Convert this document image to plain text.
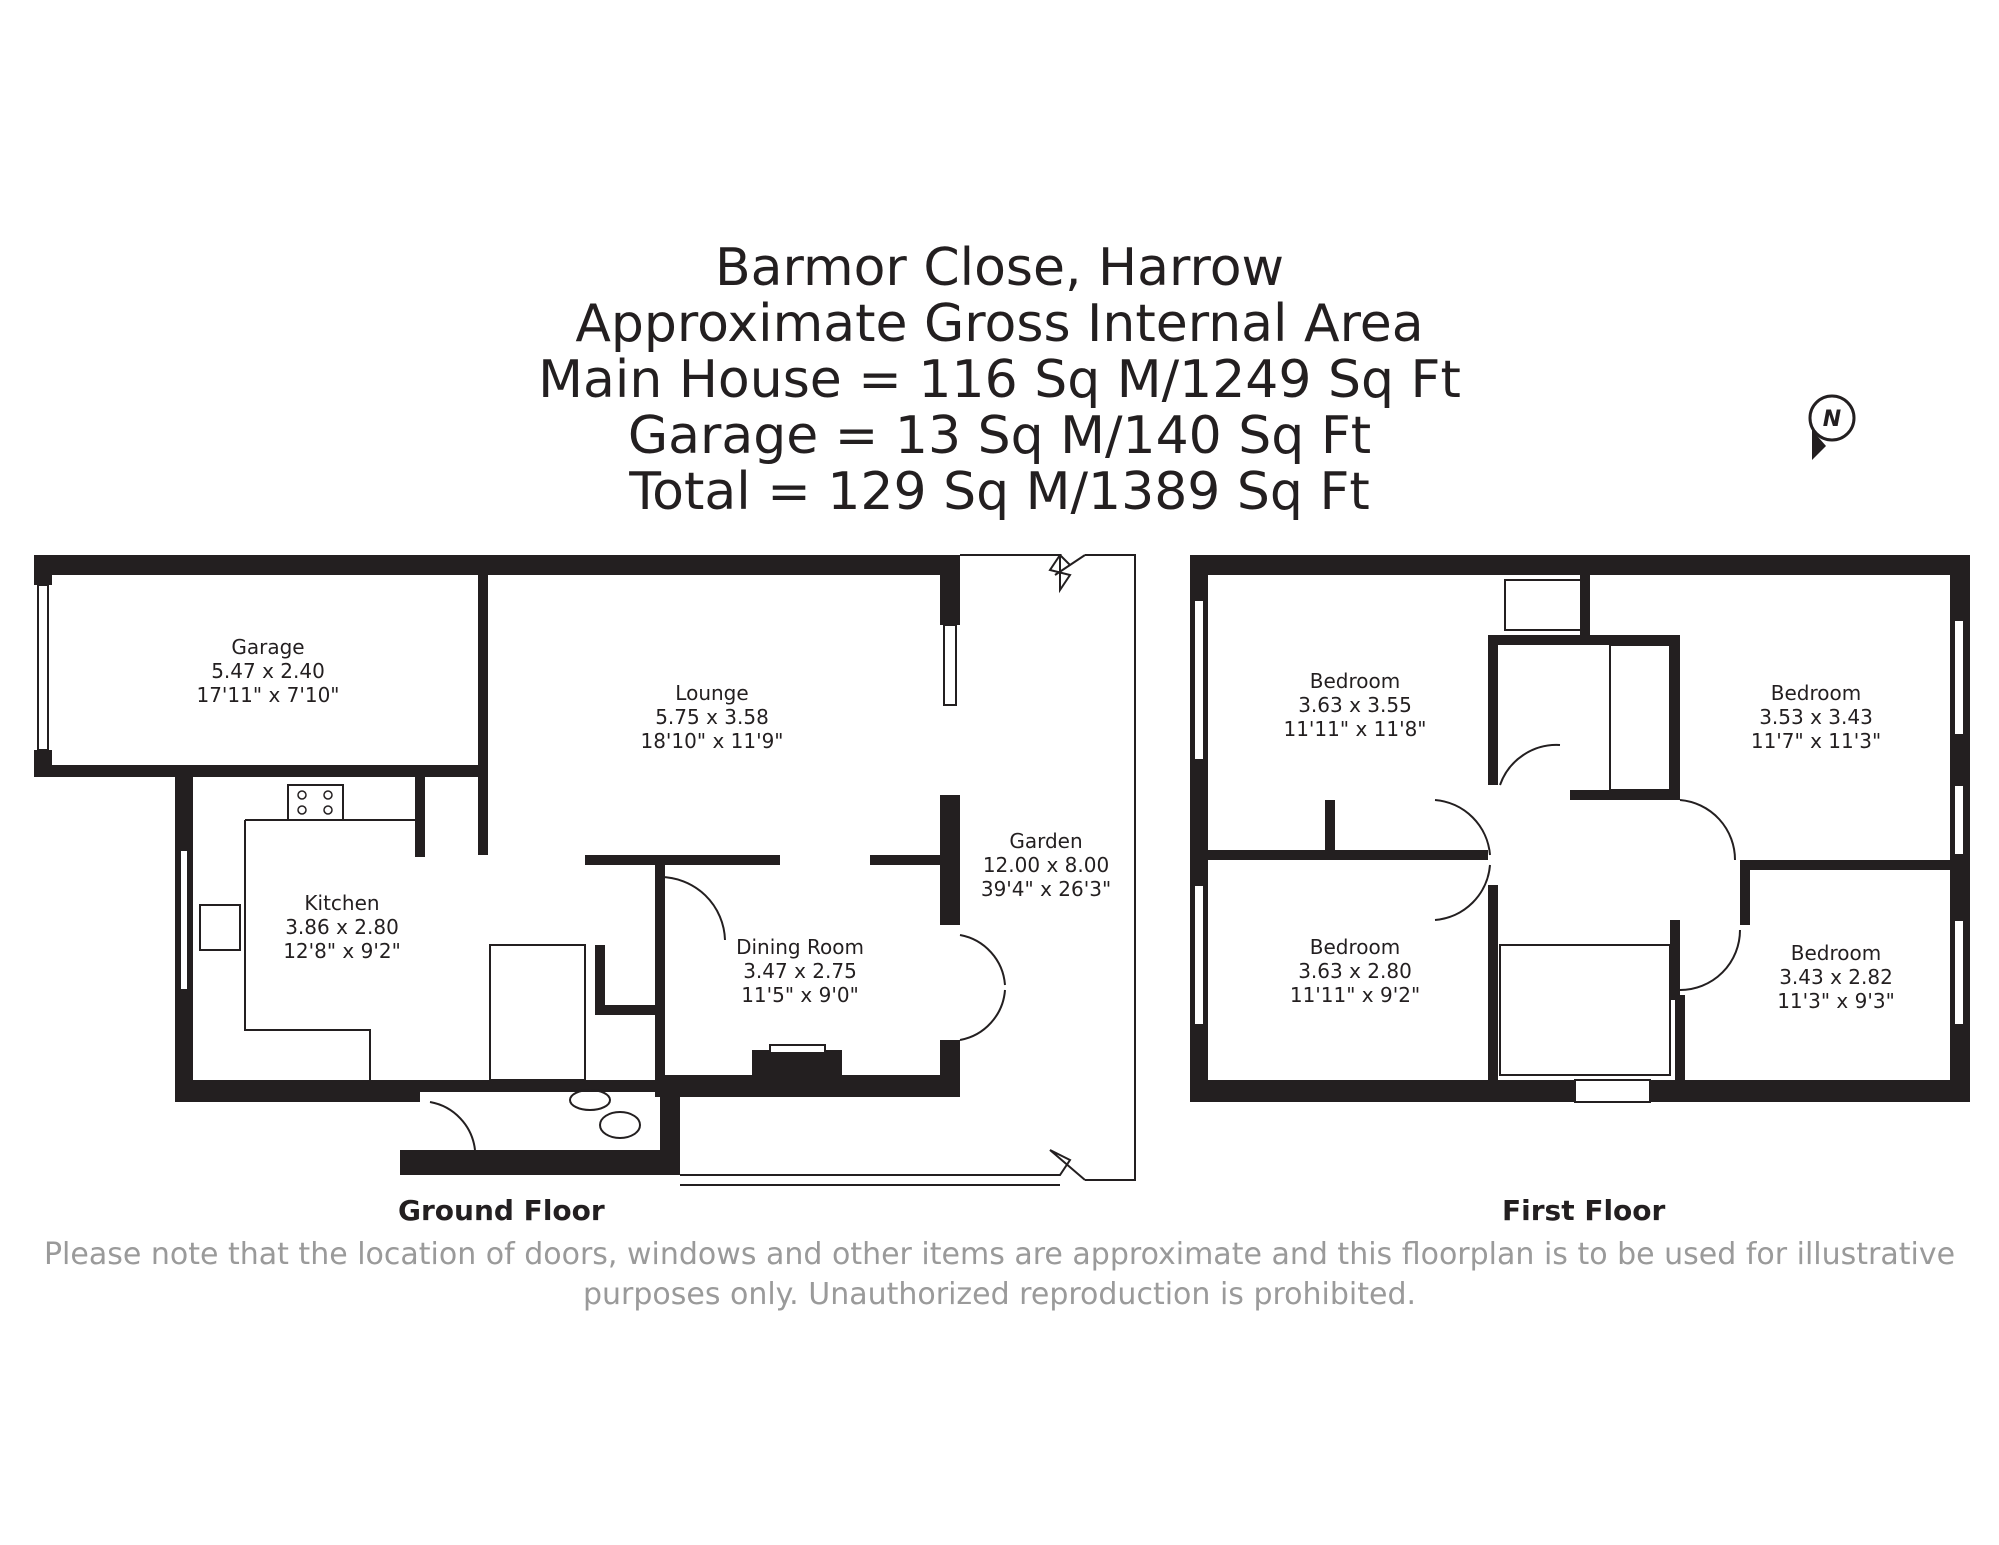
Barmor Close, Harrow
Approximate Gross Internal Area
Main House = 116 Sq M/1249 Sq Ft
Garage = 13 Sq M/140 Sq Ft
Total = 129 Sq M/1389 Sq Ft
N
Garage
5.47 x 2.40
17'11" x 7'10"	Lounge
5.75 x 3.58
18'10" x 11'9"
Kitchen
3.86 x 2.80
12'8" x 9'2"	Dining Room
3.47 x 2.75
11'5" x 9'0"
Garden
12.00 x 8.00
39'4" x 26'3"
Bedroom
3.63 x 3.55
11'11" x 11'8"
Bedroom
3.53 x 3.43
11'7" x 11'3"
Bedroom
3.63 x 2.80
11'11" x 9'2"
Bedroom
3.43 x 2.82
11'3" x 9'3"
Ground Floor	First Floor
Please note that the location of doors, windows and other items are approximate and this floorplan is to be used for illustrative
purposes only. Unauthorized reproduction is prohibited.
